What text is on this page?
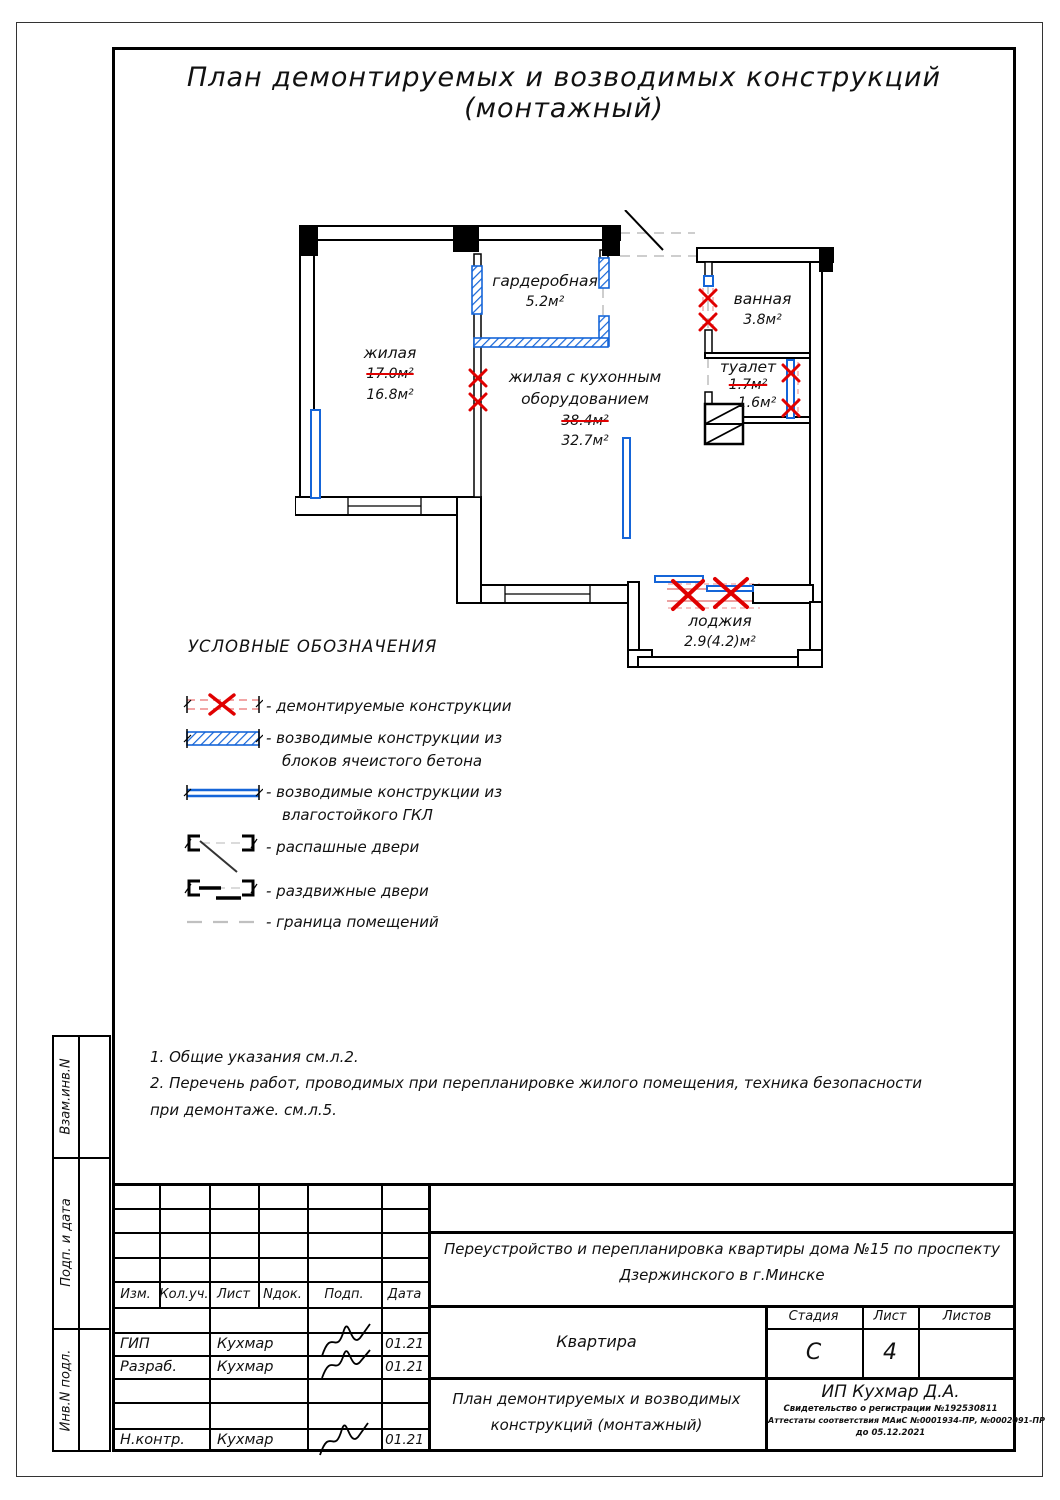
План демонтируемых и возводимых конструкций (монтажный)
жилая
17.0м²
16.8м²
гардеробная
5.2м²
жилая с кухонным
оборудованием
38.4м²
32.7м²
ванная
3.8м²
туалет
1.7м²
1.6м²
лоджия
2.9(4.2)м²
УСЛОВНЫЕ ОБОЗНАЧЕНИЯ
- демонтируемые конструкции
- возводимые конструкции из
блоков ячеистого бетона
- возводимые конструкции из
влагостойкого ГКЛ
- распашные двери
- раздвижные двери
- граница помещений
1. Общие указания см.л.2.
2. Перечень работ, проводимых при перепланировке жилого помещения, техника безопасности
при демонтаже. см.л.5.
Взам.инв.N
Подп. и дата
Инв.N подл.
Изм. Кол.уч. Лист	Nдок.	Подп.	Дата
ГИП	Кухмар	01.21
Разраб.	Кухмар	01.21
Н.контр.	Кухмар	01.21
Переустройство и перепланировка квартиры дома №15 по проспекту
Дзержинского в г.Минске
Квартира
Стадия	Лист	Листов
С	4
План демонтируемых и возводимых
конструкций (монтажный)
ИП Кухмар Д.А.
Свидетельство о регистрации №192530811
Аттестаты соответствия МАиС №0001934-ПР, №0002091-ПР
до 05.12.2021
